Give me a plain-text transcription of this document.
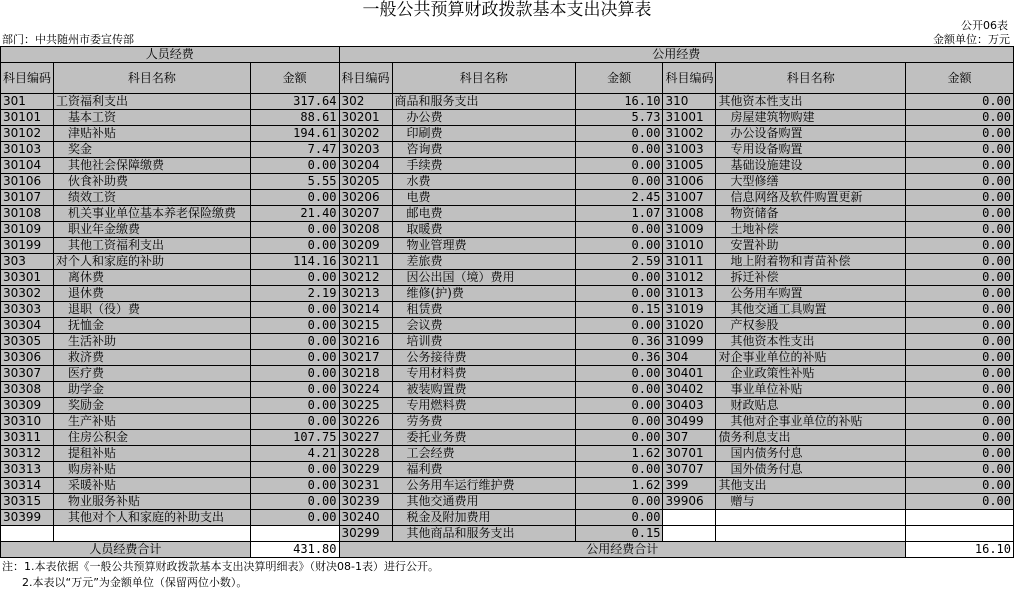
一般公共预算财政拨款基本支出决算表
公开06表
部门：中共随州市委宣传部	金额单位：万元
人员经费			公用经费					
科目编码	科目名称	金额	科目编码	科目名称	金额	科目编码	科目名称	金额
301	工资福利支出	317.64	302	商品和服务支出	16.10	310	其他资本性支出	0.00
30101	基本工资	88.61	30201	办公费	5.73	31001	房屋建筑物购建	0.00
30102	津贴补贴	194.61	30202	印刷费	0.00	31002	办公设备购置	0.00
30103	奖金	7.47	30203	咨询费	0.00	31003	专用设备购置	0.00
30104	其他社会保障缴费	0.00	30204	手续费	0.00	31005	基础设施建设	0.00
30106	伙食补助费	5.55	30205	水费	0.00	31006	大型修缮	0.00
30107	绩效工资	0.00	30206	电费	2.45	31007	信息网络及软件购置更新	0.00
30108	机关事业单位基本养老保险缴费	21.40	30207	邮电费	1.07	31008	物资储备	0.00
30109	职业年金缴费	0.00	30208	取暖费	0.00	31009	土地补偿	0.00
30199	其他工资福利支出	0.00	30209	物业管理费	0.00	31010	安置补助	0.00
303	对个人和家庭的补助	114.16	30211	差旅费	2.59	31011	地上附着物和青苗补偿	0.00
30301	离休费	0.00	30212	因公出国（境）费用	0.00	31012	拆迁补偿	0.00
30302	退休费	2.19	30213	维修(护)费	0.00	31013	公务用车购置	0.00
30303	退职（役）费	0.00	30214	租赁费	0.15	31019	其他交通工具购置	0.00
30304	抚恤金	0.00	30215	会议费	0.00	31020	产权参股	0.00
30305	生活补助	0.00	30216	培训费	0.36	31099	其他资本性支出	0.00
30306	救济费	0.00	30217	公务接待费	0.36	304	对企事业单位的补贴	0.00
30307	医疗费	0.00	30218	专用材料费	0.00	30401	企业政策性补贴	0.00
30308	助学金	0.00	30224	被装购置费	0.00	30402	事业单位补贴	0.00
30309	奖励金	0.00	30225	专用燃料费	0.00	30403	财政贴息	0.00
30310	生产补贴	0.00	30226	劳务费	0.00	30499	其他对企事业单位的补贴	0.00
30311	住房公积金	107.75	30227	委托业务费	0.00	307	债务利息支出	0.00
30312	提租补贴	4.21	30228	工会经费	1.62	30701	国内债务付息	0.00
30313	购房补贴	0.00	30229	福利费	0.00	30707	国外债务付息	0.00
30314	采暖补贴	0.00	30231	公务用车运行维护费	1.62	399	其他支出	0.00
30315	物业服务补贴	0.00	30239	其他交通费用	0.00	39906	赠与	0.00
30399	其他对个人和家庭的补助支出	0.00	30240	税金及附加费用	0.00			
			30299	其他商品和服务支出	0.15			
人员经费合计		431.80	公用经费合计					16.10
注：1.本表依据《一般公共预算财政拨款基本支出决算明细表》（财决08-1表）进行公开。
2.本表以“万元”为金额单位（保留两位小数）。
